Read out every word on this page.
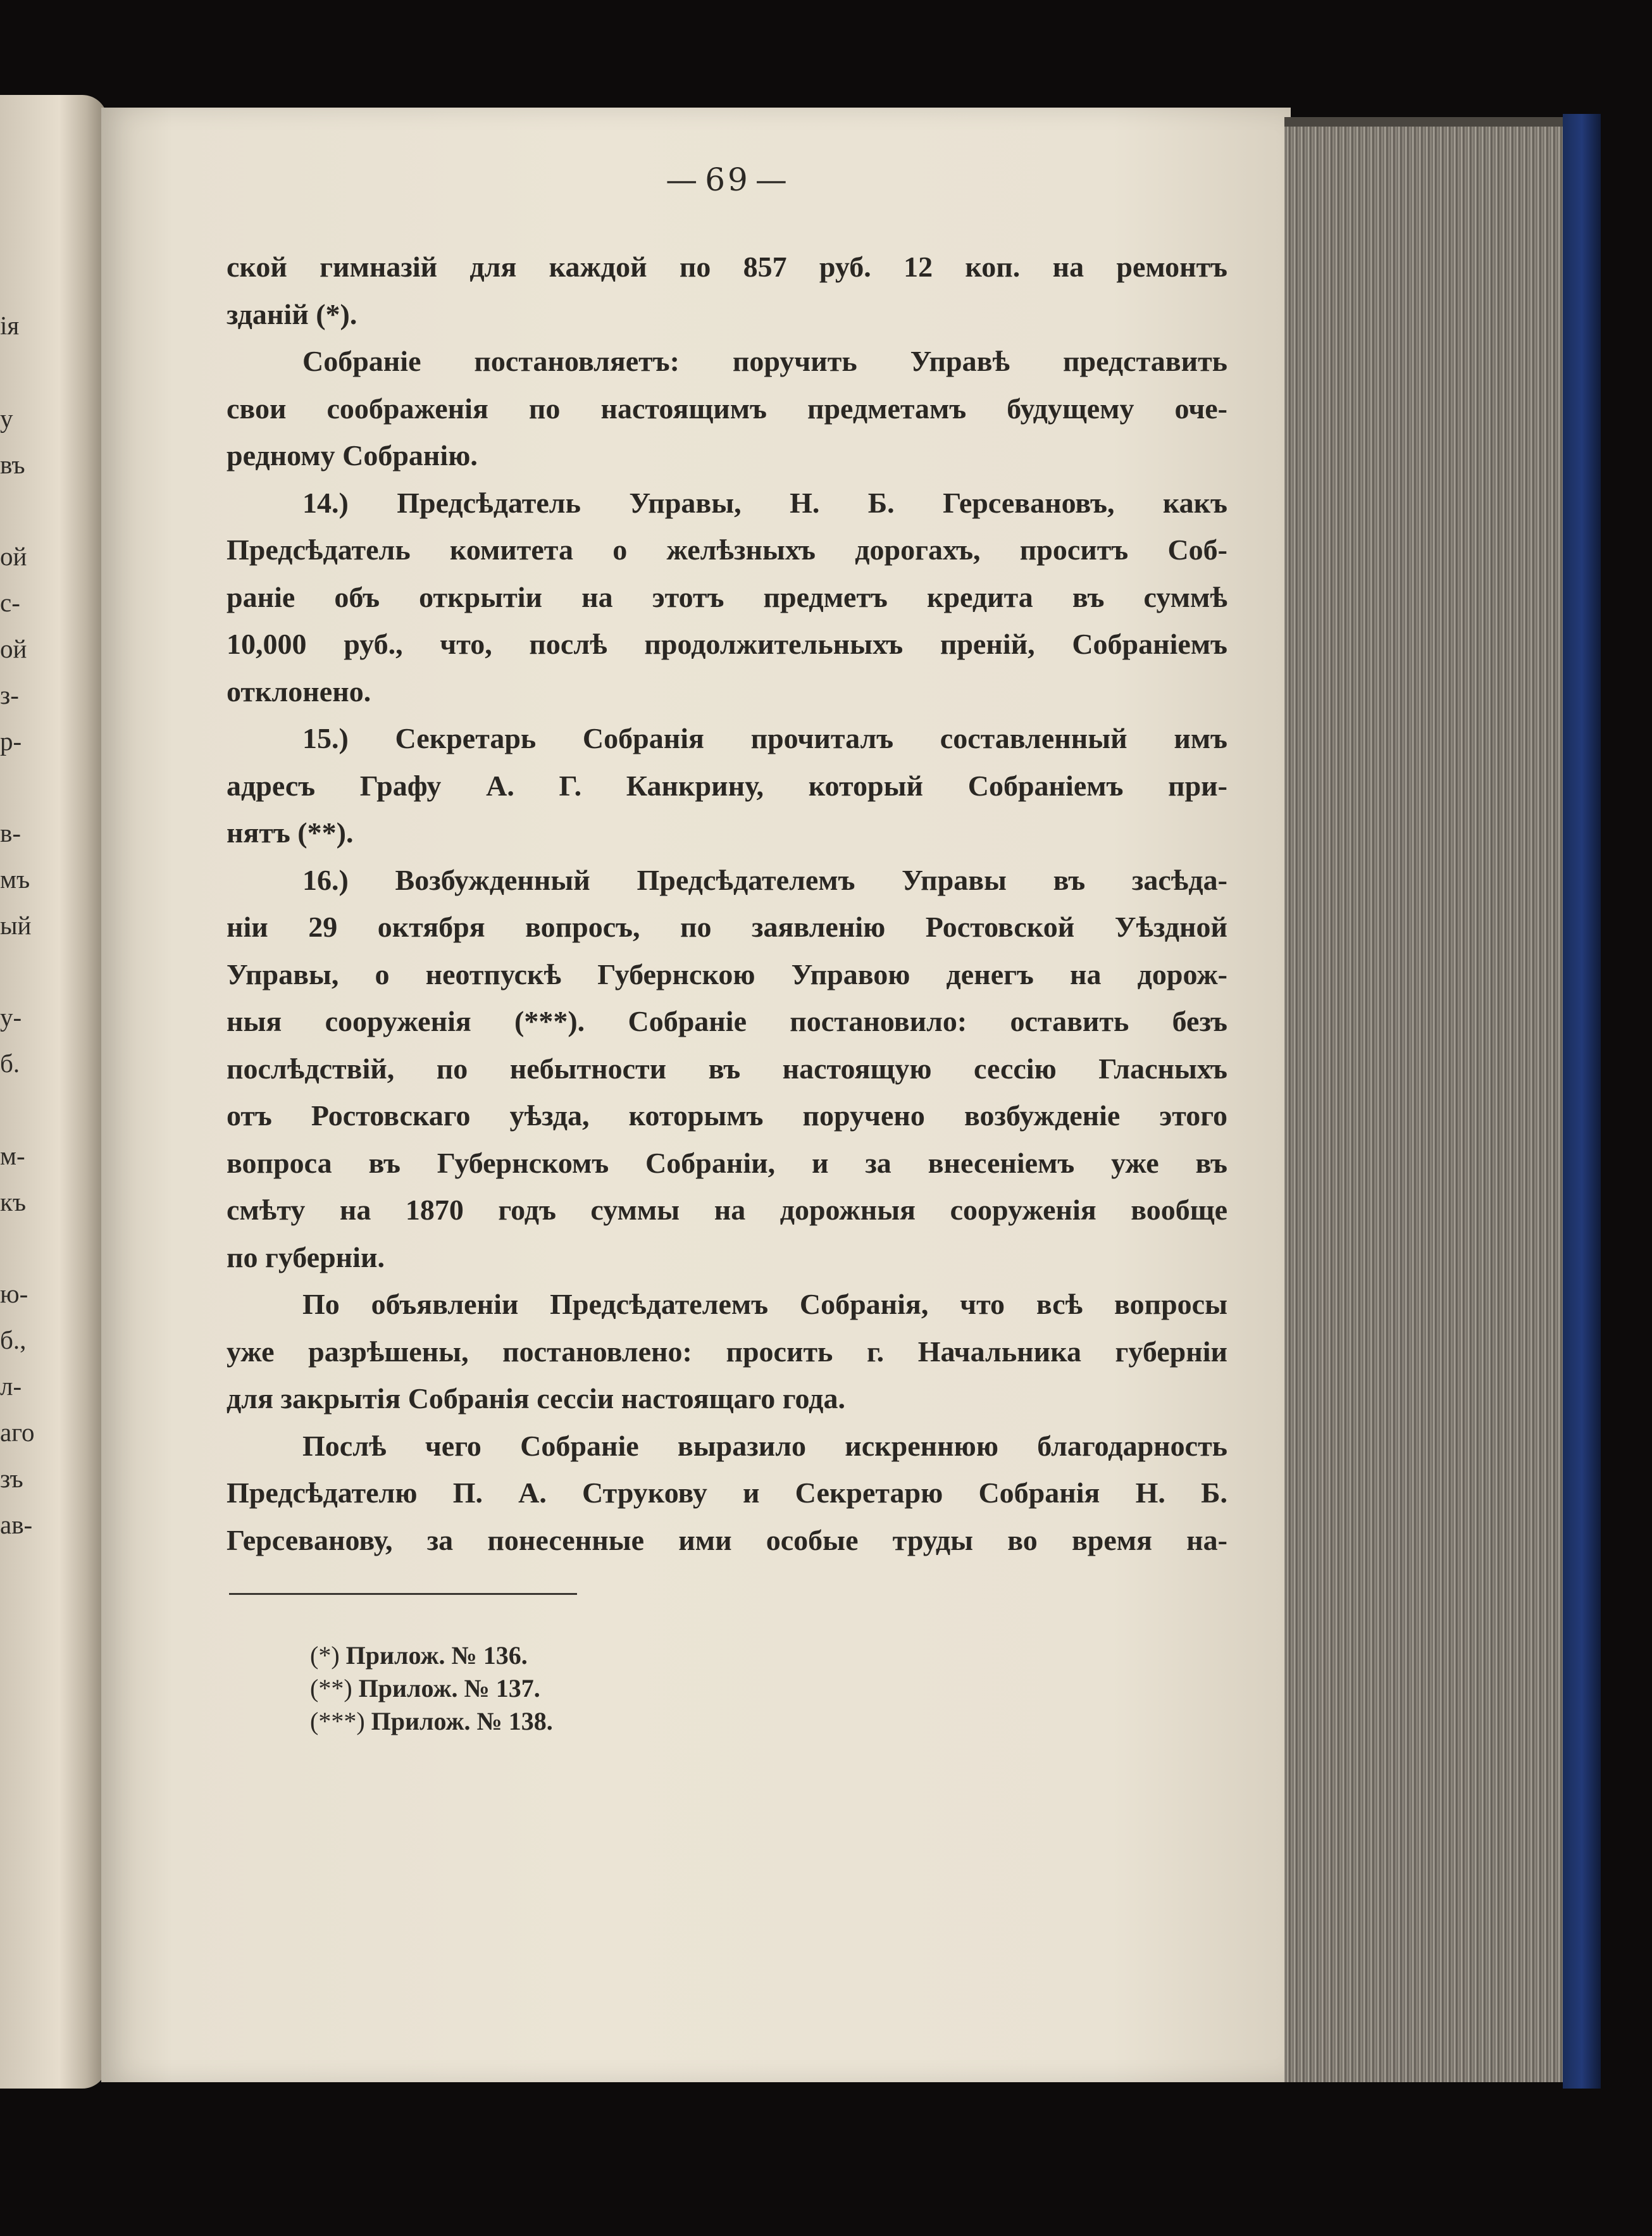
ія
у
въ
ой
с-
ой
з-
р-
в-
мъ
ый
у-
б.
м-
къ
ю-
б.,
л-
аго
зъ
ав-
— 69 —
ской гимназій для каждой по 857 руб. 12 коп. на ремонтъ
зданій (*).
Собраніе постановляетъ: поручить Управѣ представить
свои соображенія по настоящимъ предметамъ будущему оче-
редному Собранію.
14.) Предсѣдатель Управы, Н. Б. Герсевановъ, какъ
Предсѣдатель комитета о желѣзныхъ дорогахъ, проситъ Соб-
раніе объ открытіи на этотъ предметъ кредита въ суммѣ
10,000 руб., что, послѣ продолжительныхъ преній, Собраніемъ
отклонено.
15.) Секретарь Собранія прочиталъ составленный имъ
адресъ Графу А. Г. Канкрину, который Собраніемъ при-
нятъ (**).
16.) Возбужденный Предсѣдателемъ Управы въ засѣда-
ніи 29 октября вопросъ, по заявленію Ростовской Уѣздной
Управы, о неотпускѣ Губернскою Управою денегъ на дорож-
ныя сооруженія (***). Собраніе постановило: оставить безъ
послѣдствій, по небытности въ настоящую сессію Гласныхъ
отъ Ростовскаго уѣзда, которымъ поручено возбужденіе этого
вопроса въ Губернскомъ Собраніи, и за внесеніемъ уже въ
смѣту на 1870 годъ суммы на дорожныя сооруженія вообще
по губерніи.
По объявленіи Предсѣдателемъ Собранія, что всѣ вопросы
уже разрѣшены, постановлено: просить г. Начальника губерніи
для закрытія Собранія сессіи настоящаго года.
Послѣ чего Собраніе выразило искреннюю благодарность
Предсѣдателю П. А. Струкову и Секретарю Собранія Н. Б.
Герсеванову, за понесенные ими особые труды во время на-
(*) Прилож. № 136.
(**) Прилож. № 137.
(***) Прилож. № 138.
